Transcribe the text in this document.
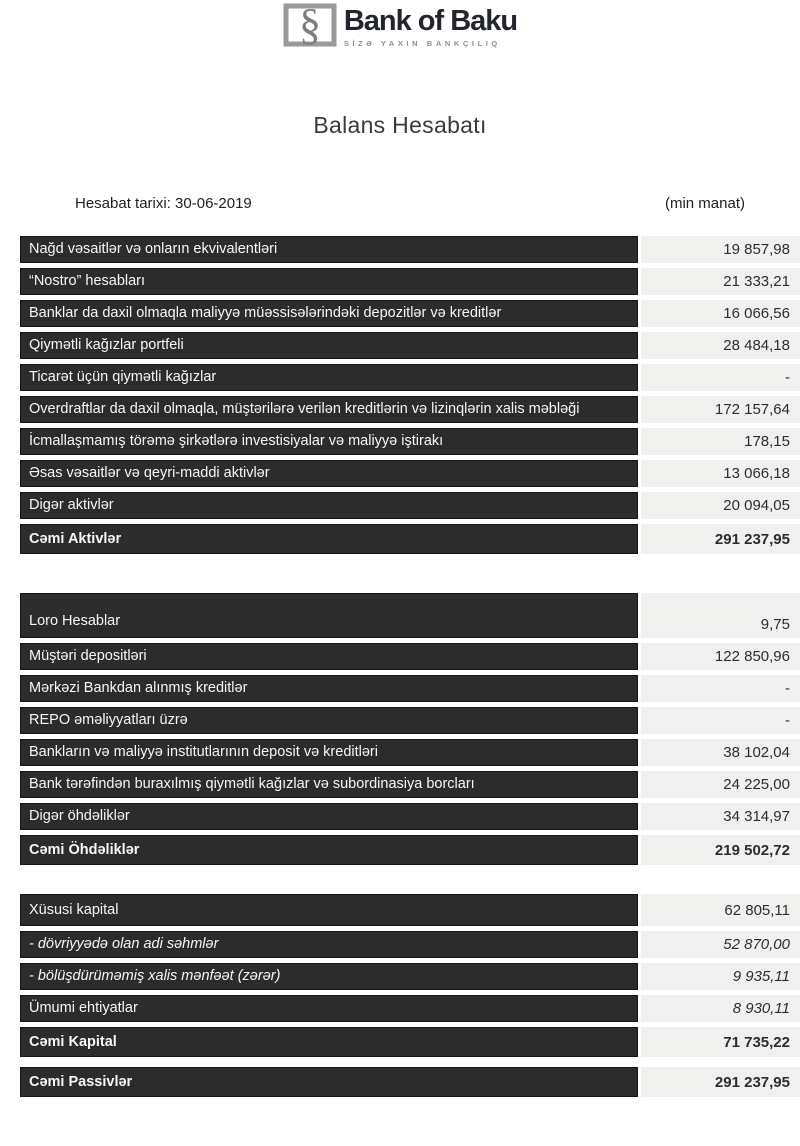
§ Bank of Baku
SİZƏ YAXIN BANKÇILIQ
Balans Hesabatı
Hesabat tarixi: 30-06-2019	(min manat)
Nağd vəsaitlər və onların ekvivalentləri	19 857,98
“Nostro” hesabları	21 333,21
Banklar da daxil olmaqla maliyyə müəssisələrindəki depozitlər və kreditlər	16 066,56
Qiymətli kağızlar portfeli	28 484,18
Ticarət üçün qiymətli kağızlar	-
Overdraftlar da daxil olmaqla, müştərilərə verilən kreditlərin və lizinqlərin xalis məbləği	172 157,64
İcmallaşmamış törəmə şirkətlərə investisiyalar və maliyyə iştirakı	178,15
Əsas vəsaitlər və qeyri-maddi aktivlər	13 066,18
Digər aktivlər	20 094,05
Cəmi Aktivlər	291 237,95
Loro Hesablar	9,75
Müştəri depositləri	122 850,96
Mərkəzi Bankdan alınmış kreditlər	-
REPO əməliyyatları üzrə	-
Bankların və maliyyə institutlarının deposit və kreditləri	38 102,04
Bank tərəfindən buraxılmış qiymətli kağızlar və subordinasiya borcları	24 225,00
Digər öhdəliklər	34 314,97
Cəmi Öhdəliklər	219 502,72
Xüsusi kapital	62 805,11
- dövriyyədə olan adi səhmlər	52 870,00
- bölüşdürüməmiş xalis mənfəət (zərər)	9 935,11
Ümumi ehtiyatlar	8 930,11
Cəmi Kapital	71 735,22
Cəmi Passivlər	291 237,95
